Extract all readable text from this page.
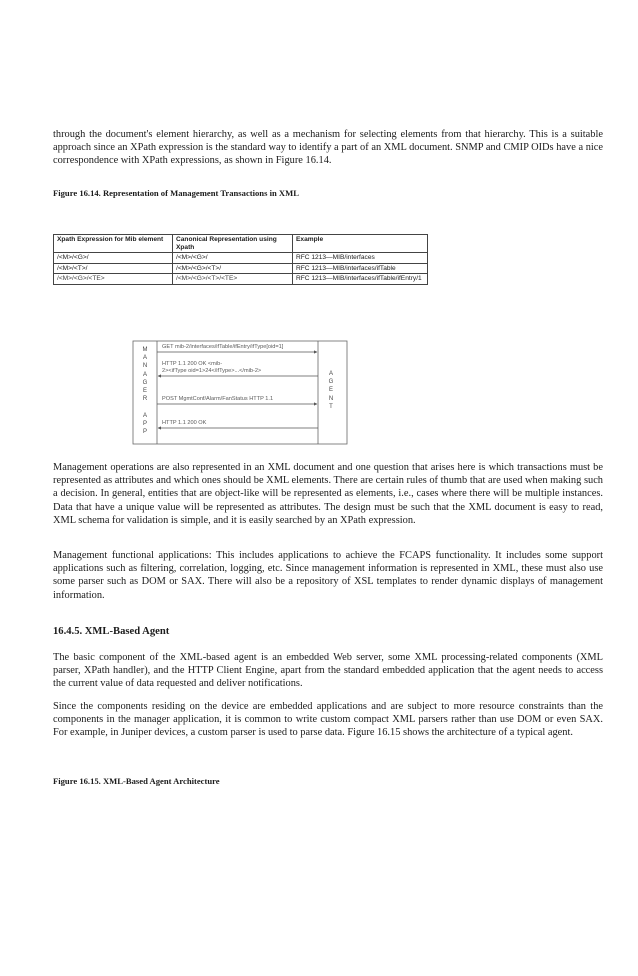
through the document's element hierarchy, as well as a mechanism for selecting elements from that hierarchy. This is a suitable approach since an XPath expression is the standard way to identify a part of an XML document. SNMP and CMIP OIDs have a nice correspondence with XPath expressions, as shown in Figure 16.14.

Figure 16.14. Representation of Management Transactions in XML

Xpath Expression for Mib element	Canonical Representation using Xpath	Example
/<M>/<G>/	/<M>/<G>/	RFC 1213—MIB/interfaces
/<M>/<T>/	/<M>/<G>/<T>/	RFC 1213—MIB/interfaces/ifTable
/<M>/<G>/<TE>	/<M>/<G>/<T>/<TE>	RFC 1213—MIB/interfaces/ifTable/ifEntry/1
GET mib-2/interfaces/ifTable/ifEntry/ifType[oid=1]
HTTP 1.1 200 OK <mib-
2><ifType oid=1>24</ifType>...</mib-2>
POST MgmtConf/Alarm/FanStatus HTTP 1.1
HTTP 1.1 200 OK
M
A
N
A
G
E
R
A
P
P
A
G
E
N
T

Management operations are also represented in an XML document and one question that arises here is which transactions must be represented as attributes and which ones should be XML elements. There are certain rules of thumb that are used when making such a decision. In general, entities that are object-like will be represented as elements, i.e., cases where there will be multiple instances. Data that have a unique value will be represented as attributes. The design must be such that the XML document is easy to read, XML schema for validation is simple, and it is easily searched by an XPath expression.

Management functional applications: This includes applications to achieve the FCAPS functionality. It includes some support applications such as filtering, correlation, logging, etc. Since management information is represented in XML, these must also use some parser such as DOM or SAX. There will also be a repository of XSL templates to render dynamic displays of management information.

16.4.5. XML-Based Agent

The basic component of the XML-based agent is an embedded Web server, some XML processing-related components (XML parser, XPath handler), and the HTTP Client Engine, apart from the standard embedded application that the agent needs to access the current value of data requested and deliver notifications.

Since the components residing on the device are embedded applications and are subject to more resource constraints than the components in the manager application, it is common to write custom compact XML parsers rather than use DOM or even SAX. For example, in Juniper devices, a custom parser is used to parse data. Figure 16.15 shows the architecture of a typical agent.

Figure 16.15. XML-Based Agent Architecture
